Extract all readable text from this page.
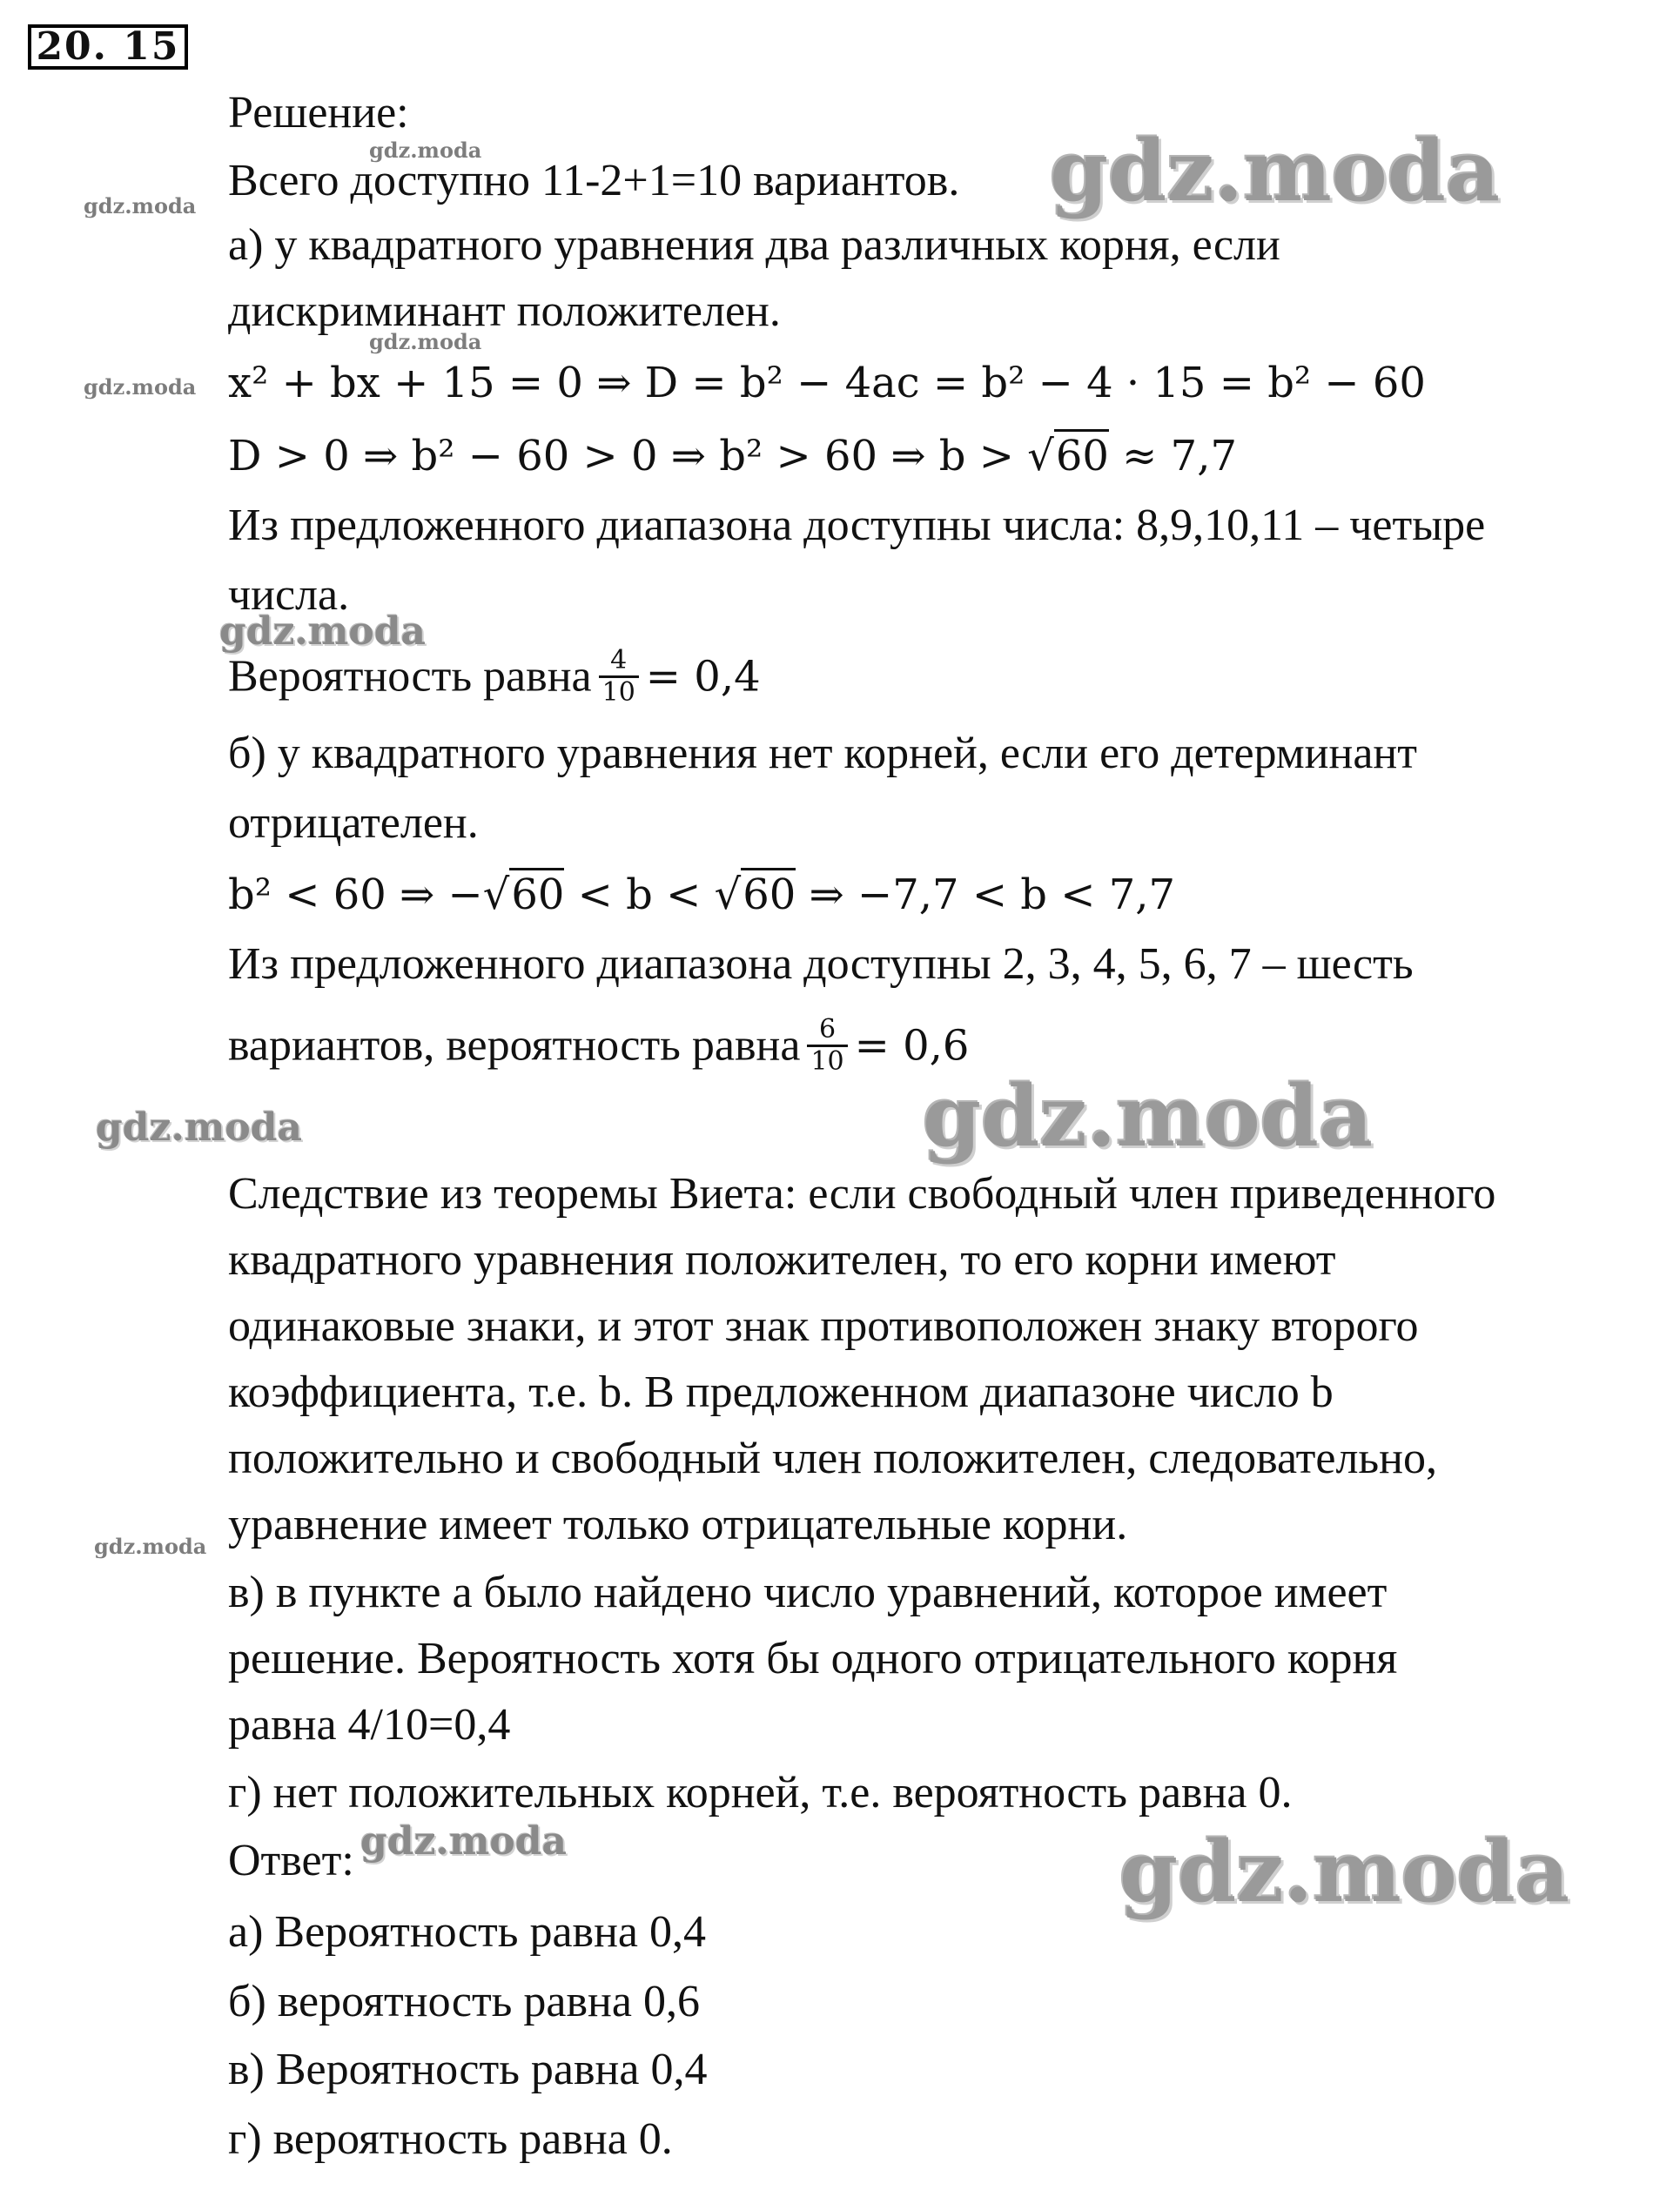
20. 15
Решение:
Всего доступно 11-2+1=10 вариантов.
а) у квадратного уравнения два различных корня, если
дискриминант положителен.
x² + bx + 15 = 0 ⇒ D = b² − 4ac = b² − 4 · 15 = b² − 60
D > 0 ⇒ b² − 60 > 0 ⇒ b² > 60 ⇒ b > √60 ≈ 7,7
Из предложенного диапазона доступны числа: 8,9,10,11 – четыре
числа.
Вероятность равна $\frac{4}{10} = 0,4$
б) у квадратного уравнения нет корней, если его детерминант
отрицателен.
b² < 60 ⇒ −√60 < b < √60 ⇒ −7,7 < b < 7,7
Из предложенного диапазона доступны 2, 3, 4, 5, 6, 7 – шесть
вариантов, вероятность равна $\frac{6}{10} = 0,6$
Следствие из теоремы Виета: если свободный член приведенного
квадратного уравнения положителен, то его корни имеют
одинаковые знаки, и этот знак противоположен знаку второго
коэффициента, т.е. b. В предложенном диапазоне число b
положительно и свободный член положителен, следовательно,
уравнение имеет только отрицательные корни.
в) в пункте а было найдено число уравнений, которое имеет
решение. Вероятность хотя бы одного отрицательного корня
равна 4/10=0,4
г) нет положительных корней, т.е. вероятность равна 0.
Ответ:
а) Вероятность равна 0,4
б) вероятность равна 0,6
в) Вероятность равна 0,4
г) вероятность равна 0.
gdz.moda
gdz.moda	gdz.moda
gdz.moda
gdz.moda
gdz.moda
gdz.moda	gdz.moda
gdz.moda
gdz.moda	gdz.moda
